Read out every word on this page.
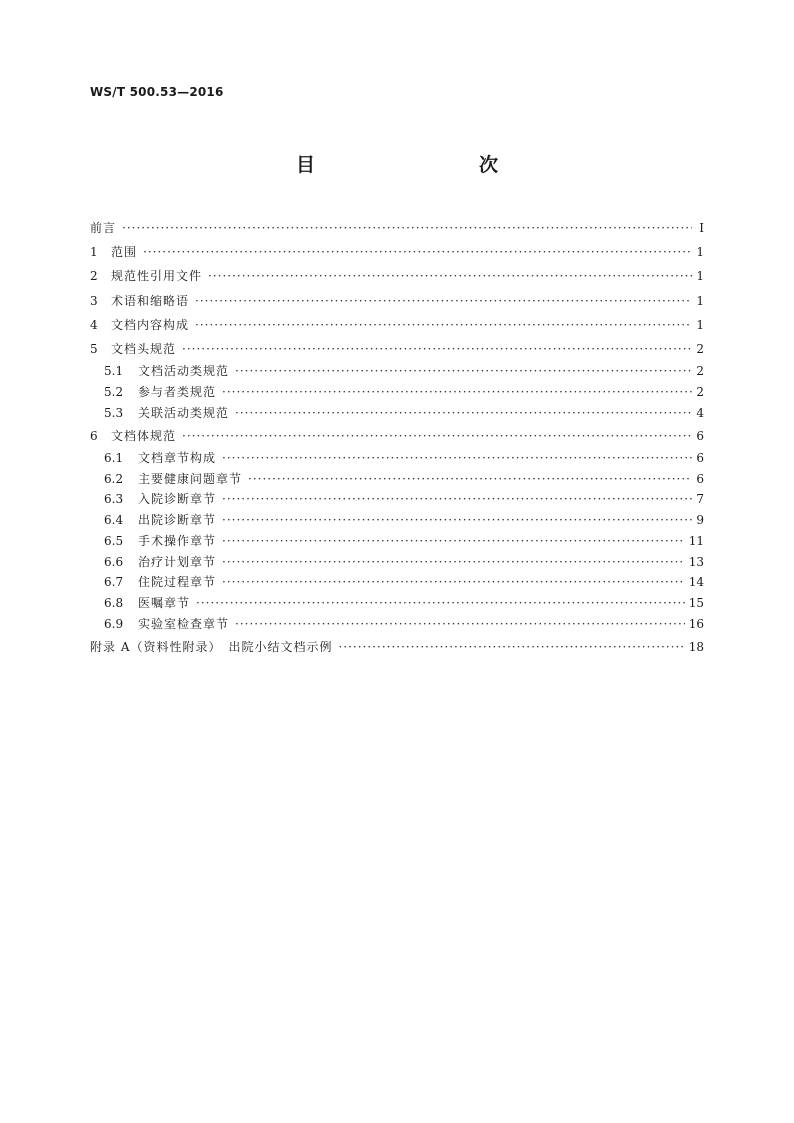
WS/T 500.53—2016
目　　次
前言 ·····	Ⅰ
1	范围 ·····	1
2	规范性引用文件 ·····	1
3	术语和缩略语 ·····	1
4	文档内容构成 ·····	1
5	文档头规范 ·····	2
5.1	文档活动类规范 ·····	2
5.2	参与者类规范 ·····	2
5.3	关联活动类规范 ·····	4
6	文档体规范 ·····	6
6.1	文档章节构成 ·····	6
6.2	主要健康问题章节 ·····	6
6.3	入院诊断章节 ·····	7
6.4	出院诊断章节 ·····	9
6.5	手术操作章节 ·····	11
6.6	治疗计划章节 ·····	13
6.7	住院过程章节 ·····	14
6.8	医嘱章节 ·····	15
6.9	实验室检查章节 ·····	16
附录 A（资料性附录）　出院小结文档示例 ·····	18
